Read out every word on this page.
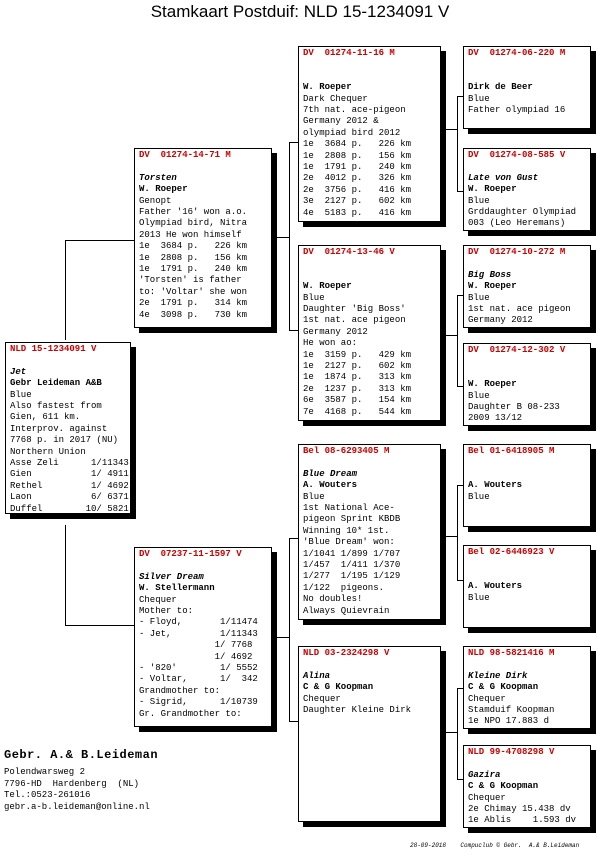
Stamkaart Postduif: NLD 15-1234091 V
NLD 15-1234091 V
Jet
Gebr Leideman A&B
Blue
Also fastest from
Gien, 611 km.
Interprov. against
7768 p. in 2017 (NU)
Northern Union
Asse Zeli      1/11343
Gien           1/ 4911
Rethel         1/ 4692
Laon           6/ 6371
Duffel        10/ 5821
DV  01274-14-71 M
Torsten
W. Roeper
Genopt
Father '16' won a.o.
Olympiad bird, Nitra
2013 He won himself
1e  3684 p.   226 km
1e  2808 p.   156 km
1e  1791 p.   240 km
'Torsten' is father
to: 'Voltar' she won
2e  1791 p.   314 km
4e  3098 p.   730 km
DV  07237-11-1597 V
Silver Dream
W. Stellermann
Chequer
Mother to:
- Floyd,       1/11474
- Jet,         1/11343
1/ 7768
1/ 4692
- '820'        1/ 5552
- Voltar,      1/  342
Grandmother to:
- Sigrid,      1/10739
Gr. Grandmother to:
DV  01274-11-16 M
W. Roeper
Dark Chequer
7th nat. ace-pigeon
Germany 2012 &
olympiad bird 2012
1e  3684 p.   226 km
1e  2808 p.   156 km
1e  1791 p.   240 km
2e  4012 p.   326 km
2e  3756 p.   416 km
3e  2127 p.   602 km
4e  5183 p.   416 km
DV  01274-13-46 V
W. Roeper
Blue
Daughter 'Big Boss'
1st nat. ace pigeon
Germany 2012
He won ao:
1e  3159 p.   429 km
1e  2127 p.   602 km
1e  1874 p.   313 km
2e  1237 p.   313 km
6e  3587 p.   154 km
7e  4168 p.   544 km
Bel 08-6293405 M
Blue Dream
A. Wouters
Blue
1st National Ace-
pigeon Sprint KBDB
Winning 10* 1st.
'Blue Dream' won:
1/1041 1/899 1/707
1/457  1/411 1/370
1/277  1/195 1/129
1/122  pigeons.
No doubles!
Always Quievrain
NLD 03-2324298 V
Alina
C & G Koopman
Chequer
Daughter Kleine Dirk
DV  01274-06-220 M
Dirk de Beer
Blue
Father olympiad 16
DV  01274-08-585 V
Late von Gust
W. Roeper
Blue
Grddaughter Olympiad
003 (Leo Heremans)
DV  01274-10-272 M
Big Boss
W. Roeper
Blue
1st nat. ace pigeon
Germany 2012
DV  01274-12-302 V
W. Roeper
Blue
Daughter B 08-233
2009 13/12
Bel 01-6418905 M
A. Wouters
Blue
Bel 02-6446923 V
A. Wouters
Blue
NLD 98-5821416 M
Kleine Dirk
C & G Koopman
Chequer
Stamduif Koopman
1e NPO 17.883 d
NLD 99-4708298 V
Gazira
C & G Koopman
Chequer
2e Chimay 15.438 dv
1e Ablis    1.593 dv
Gebr. A.& B.Leideman
Polendwarsweg 2
7796-HD  Hardenberg  (NL)
Tel.:0523-261016
gebr.a-b.leideman@online.nl
28-09-2018    Compuclub © Gebr.  A.& B.Leideman
